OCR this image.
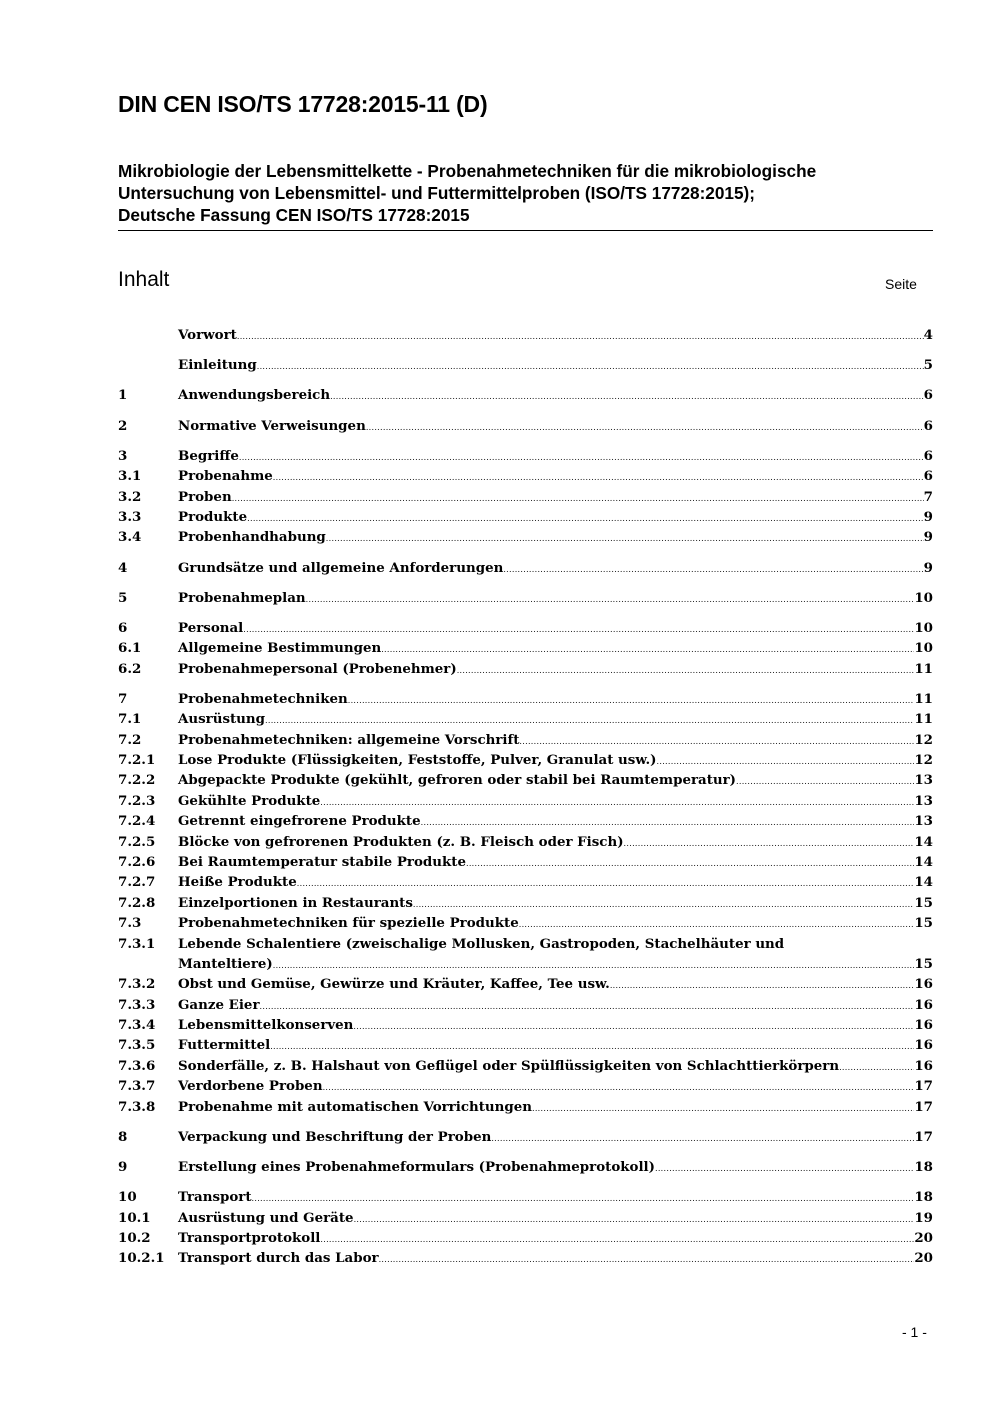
DIN CEN ISO/TS 17728:2015-11 (D)
Mikrobiologie der Lebensmittelkette - Probenahmetechniken für die mikrobiologische
Untersuchung von Lebensmittel- und Futtermittelproben (ISO/TS 17728:2015);
Deutsche Fassung CEN ISO/TS 17728:2015
Inhalt	Seite
Vorwort .....	4
Einleitung .....	5
1	Anwendungsbereich .....	6
2	Normative Verweisungen .....	6
3	Begriffe .....	6
3.1	Probenahme .....	6
3.2	Proben .....	7
3.3	Produkte .....	9
3.4	Probenhandhabung .....	9
4	Grundsätze und allgemeine Anforderungen .....	9
5	Probenahmeplan .....	10
6	Personal .....	10
6.1	Allgemeine Bestimmungen .....	10
6.2	Probenahmepersonal (Probenehmer) .....	11
7	Probenahmetechniken .....	11
7.1	Ausrüstung .....	11
7.2	Probenahmetechniken: allgemeine Vorschrift .....	12
7.2.1	Lose Produkte (Flüssigkeiten, Feststoffe, Pulver, Granulat usw.) .....	12
7.2.2	Abgepackte Produkte (gekühlt, gefroren oder stabil bei Raumtemperatur) .....	13
7.2.3	Gekühlte Produkte .....	13
7.2.4	Getrennt eingefrorene Produkte .....	13
7.2.5	Blöcke von gefrorenen Produkten (z. B. Fleisch oder Fisch) .....	14
7.2.6	Bei Raumtemperatur stabile Produkte .....	14
7.2.7	Heiße Produkte .....	14
7.2.8	Einzelportionen in Restaurants .....	15
7.3	Probenahmetechniken für spezielle Produkte .....	15
7.3.1	Lebende Schalentiere (zweischalige Mollusken, Gastropoden, Stachelhäuter und
Manteltiere) .....	15
7.3.2	Obst und Gemüse, Gewürze und Kräuter, Kaffee, Tee usw. .....	16
7.3.3	Ganze Eier .....	16
7.3.4	Lebensmittelkonserven .....	16
7.3.5	Futtermittel .....	16
7.3.6	Sonderfälle, z. B. Halshaut von Geflügel oder Spülflüssigkeiten von Schlachttierkörpern .....	16
7.3.7	Verdorbene Proben .....	17
7.3.8	Probenahme mit automatischen Vorrichtungen .....	17
8	Verpackung und Beschriftung der Proben .....	17
9	Erstellung eines Probenahmeformulars (Probenahmeprotokoll) .....	18
10	Transport .....	18
10.1	Ausrüstung und Geräte .....	19
10.2	Transportprotokoll .....	20
10.2.1	Transport durch das Labor .....	20
- 1 -
